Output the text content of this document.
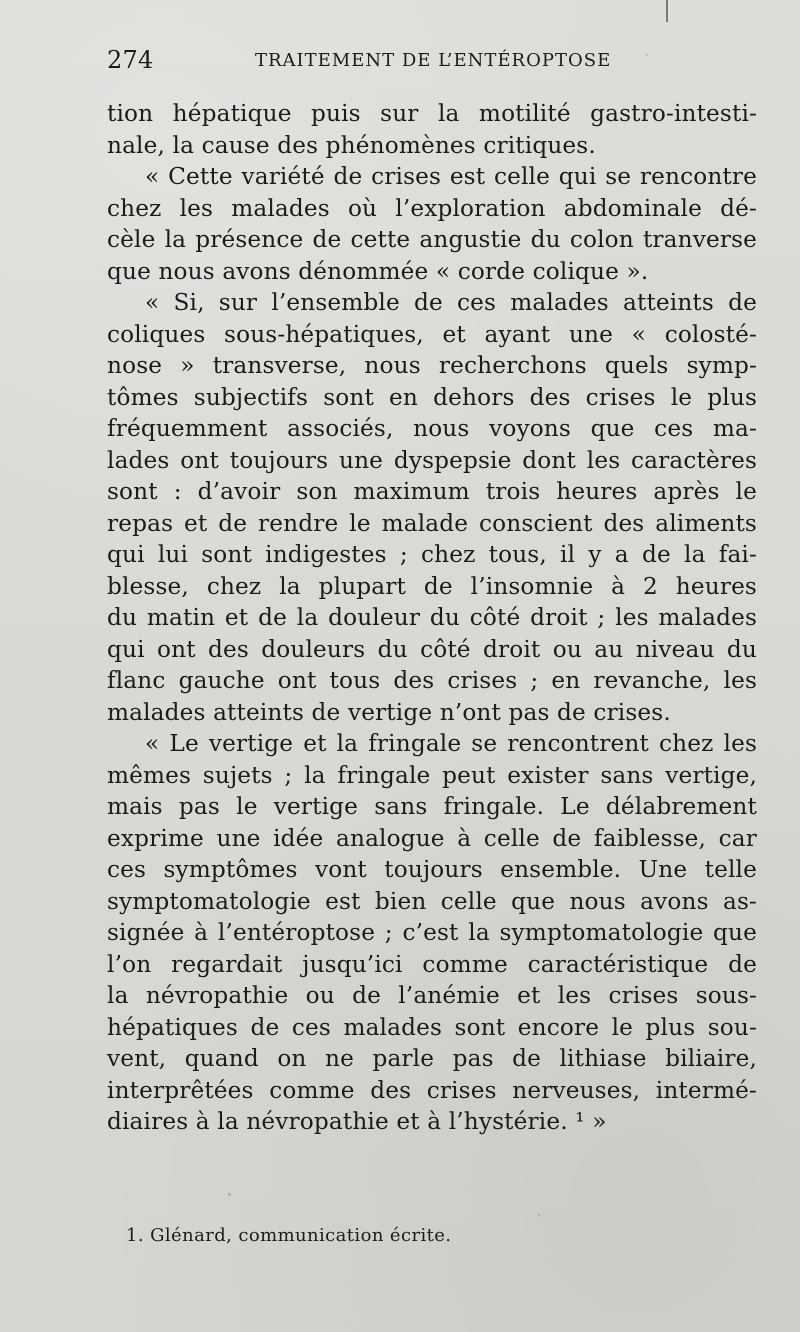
274	TRAITEMENT DE L’ENTÉROPTOSE
tion hépatique puis sur la motilité gastro-intesti-
nale, la cause des phénomènes critiques.
« Cette variété de crises est celle qui se rencontre
chez les malades où l’exploration abdominale dé-
cèle la présence de cette angustie du colon tranverse
que nous avons dénommée « corde colique ».
« Si, sur l’ensemble de ces malades atteints de
coliques sous-hépatiques, et ayant une « colosté-
nose » transverse, nous recherchons quels symp-
tômes subjectifs sont en dehors des crises le plus
fréquemment associés, nous voyons que ces ma-
lades ont toujours une dyspepsie dont les caractères
sont : d’avoir son maximum trois heures après le
repas et de rendre le malade conscient des aliments
qui lui sont indigestes ; chez tous, il y a de la fai-
blesse, chez la plupart de l’insomnie à 2 heures
du matin et de la douleur du côté droit ; les malades
qui ont des douleurs du côté droit ou au niveau du
flanc gauche ont tous des crises ; en revanche, les
malades atteints de vertige n’ont pas de crises.
« Le vertige et la fringale se rencontrent chez les
mêmes sujets ; la fringale peut exister sans vertige,
mais pas le vertige sans fringale. Le délabrement
exprime une idée analogue à celle de faiblesse, car
ces symptômes vont toujours ensemble. Une telle
symptomatologie est bien celle que nous avons as-
signée à l’entéroptose ; c’est la symptomatologie que
l’on regardait jusqu’ici comme caractéristique de
la névropathie ou de l’anémie et les crises sous-
hépatiques de ces malades sont encore le plus sou-
vent, quand on ne parle pas de lithiase biliaire,
interprêtées comme des crises nerveuses, intermé-
diaires à la névropathie et à l’hystérie. ¹ »
1. Glénard, communication écrite.
